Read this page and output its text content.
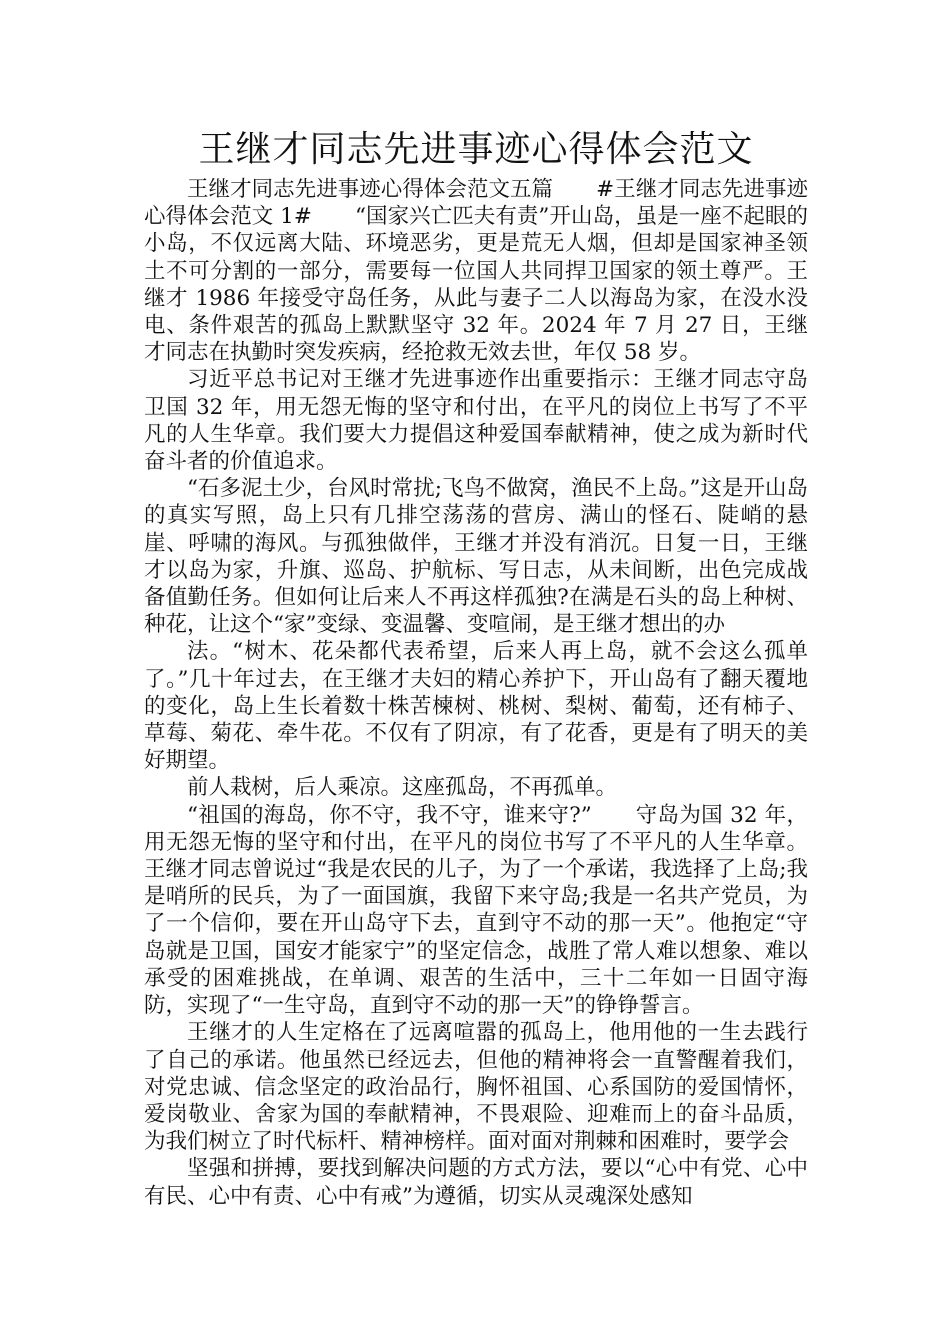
王继才同志先进事迹心得体会范文

王继才同志先进事迹心得体会范文五篇　　#王继才同志先进事迹心得体会范文 1#　　“国家兴亡匹夫有责”开山岛，虽是一座不起眼的小岛，不仅远离大陆、环境恶劣，更是荒无人烟，但却是国家神圣领土不可分割的一部分，需要每一位国人共同捍卫国家的领土尊严。王继才 1986 年接受守岛任务，从此与妻子二人以海岛为家，在没水没电、条件艰苦的孤岛上默默坚守 32 年。2024 年 7 月 27 日，王继才同志在执勤时突发疾病，经抢救无效去世，年仅 58 岁。

习近平总书记对王继才先进事迹作出重要指示：王继才同志守岛卫国 32 年，用无怨无悔的坚守和付出，在平凡的岗位上书写了不平凡的人生华章。我们要大力提倡这种爱国奉献精神，使之成为新时代奋斗者的价值追求。

“石多泥土少，台风时常扰;飞鸟不做窝，渔民不上岛。”这是开山岛的真实写照，岛上只有几排空荡荡的营房、满山的怪石、陡峭的悬崖、呼啸的海风。与孤独做伴，王继才并没有消沉。日复一日，王继才以岛为家，升旗、巡岛、护航标、写日志，从未间断，出色完成战备值勤任务。但如何让后来人不再这样孤独?在满是石头的岛上种树、种花，让这个“家”变绿、变温馨、变喧闹，是王继才想出的办

法。“树木、花朵都代表希望，后来人再上岛，就不会这么孤单了。”几十年过去，在王继才夫妇的精心养护下，开山岛有了翻天覆地的变化，岛上生长着数十株苦楝树、桃树、梨树、葡萄，还有柿子、草莓、菊花、牵牛花。不仅有了阴凉，有了花香，更是有了明天的美好期望。

前人栽树，后人乘凉。这座孤岛，不再孤单。

“祖国的海岛，你不守，我不守，谁来守?”　　守岛为国 32 年，用无怨无悔的坚守和付出，在平凡的岗位书写了不平凡的人生华章。王继才同志曾说过“我是农民的儿子，为了一个承诺，我选择了上岛;我是哨所的民兵，为了一面国旗，我留下来守岛;我是一名共产党员，为了一个信仰，要在开山岛守下去，直到守不动的那一天”。他抱定“守岛就是卫国，国安才能家宁”的坚定信念，战胜了常人难以想象、难以承受的困难挑战，在单调、艰苦的生活中，三十二年如一日固守海防，实现了“一生守岛，直到守不动的那一天”的铮铮誓言。

王继才的人生定格在了远离喧嚣的孤岛上，他用他的一生去践行了自己的承诺。他虽然已经远去，但他的精神将会一直警醒着我们，对党忠诚、信念坚定的政治品行，胸怀祖国、心系国防的爱国情怀，爱岗敬业、舍家为国的奉献精神，不畏艰险、迎难而上的奋斗品质，为我们树立了时代标杆、精神榜样。面对面对荆棘和困难时，要学会

坚强和拼搏，要找到解决问题的方式方法，要以“心中有党、心中有民、心中有责、心中有戒”为遵循，切实从灵魂深处感知
